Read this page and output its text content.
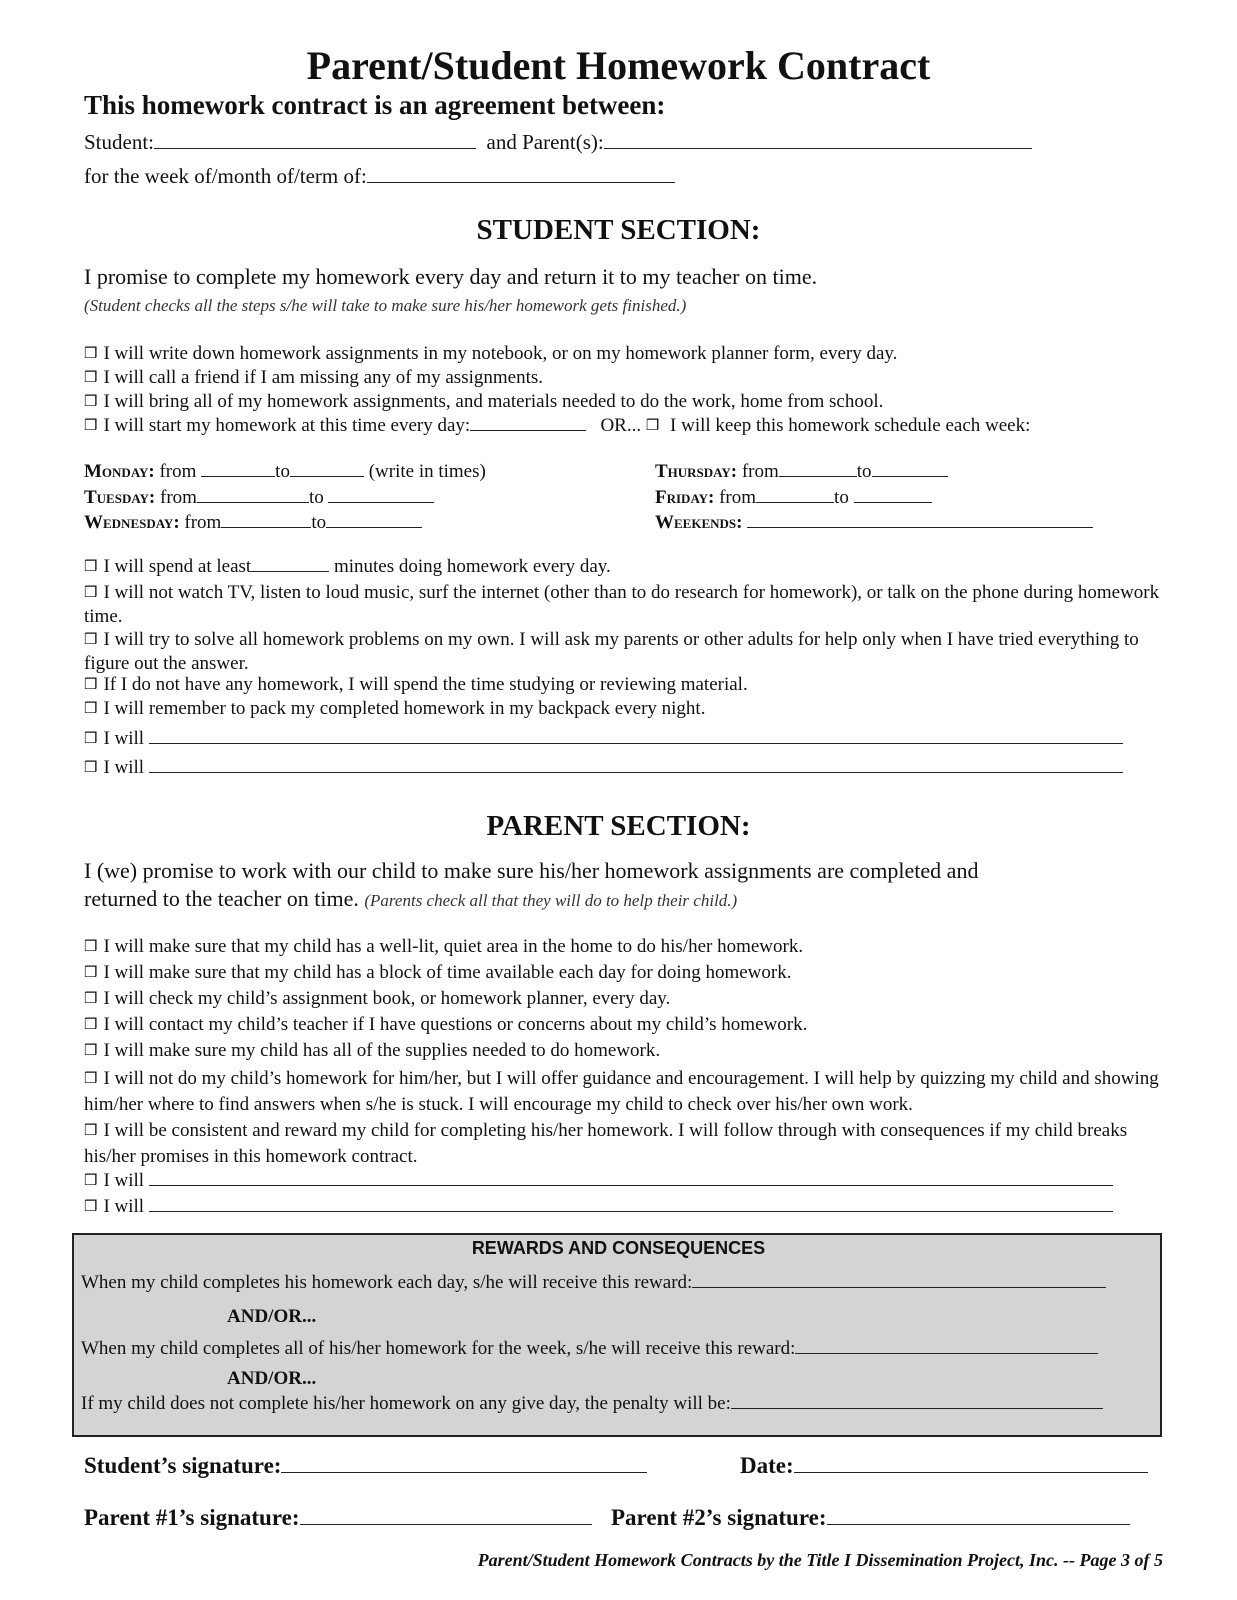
Parent/Student Homework Contract
This homework contract is an agreement between:
Student:	and Parent(s):
for the week of/month of/term of:
STUDENT SECTION:
I promise to complete my homework every day and return it to my teacher on time.
(Student checks all the steps s/he will take to make sure his/her homework gets finished.)
❒ I will write down homework assignments in my notebook, or on my homework planner form, every day.
❒ I will call a friend if I am missing any of my assignments.
❒ I will bring all of my homework assignments, and materials needed to do the work, home from school.
❒ I will start my homework at this time every day:	OR... ❒ I will keep this homework schedule each week:
Monday: from	to	(write in times)
Tuesday: from	to
Wednesday: from	to
Thursday: from	to
Friday: from	to
Weekends:
❒ I will spend at least	minutes doing homework every day.
❒ I will not watch TV, listen to loud music, surf the internet (other than to do research for homework), or talk on the phone during homework time.
❒ I will try to solve all homework problems on my own. I will ask my parents or other adults for help only when I have tried everything to figure out the answer.
❒ If I do not have any homework, I will spend the time studying or reviewing material.
❒ I will remember to pack my completed homework in my backpack every night.
❒ I will
❒ I will
PARENT SECTION:
I (we) promise to work with our child to make sure his/her homework assignments are completed and
returned to the teacher on time. (Parents check all that they will do to help their child.)
❒ I will make sure that my child has a well-lit, quiet area in the home to do his/her homework.
❒ I will make sure that my child has a block of time available each day for doing homework.
❒ I will check my child’s assignment book, or homework planner, every day.
❒ I will contact my child’s teacher if I have questions or concerns about my child’s homework.
❒ I will make sure my child has all of the supplies needed to do homework.
❒ I will not do my child’s homework for him/her, but I will offer guidance and encouragement. I will help by quizzing my child and showing him/her where to find answers when s/he is stuck. I will encourage my child to check over his/her own work.
❒ I will be consistent and reward my child for completing his/her homework. I will follow through with consequences if my child breaks his/her promises in this homework contract.
❒ I will
❒ I will
REWARDS AND CONSEQUENCES
When my child completes his homework each day, s/he will receive this reward:
AND/OR...
When my child completes all of his/her homework for the week, s/he will receive this reward:
AND/OR...
If my child does not complete his/her homework on any give day, the penalty will be:
Student’s signature:	Date:
Parent #1’s signature:	Parent #2’s signature:
Parent/Student Homework Contracts by the Title I Dissemination Project, Inc. -- Page 3 of 5
